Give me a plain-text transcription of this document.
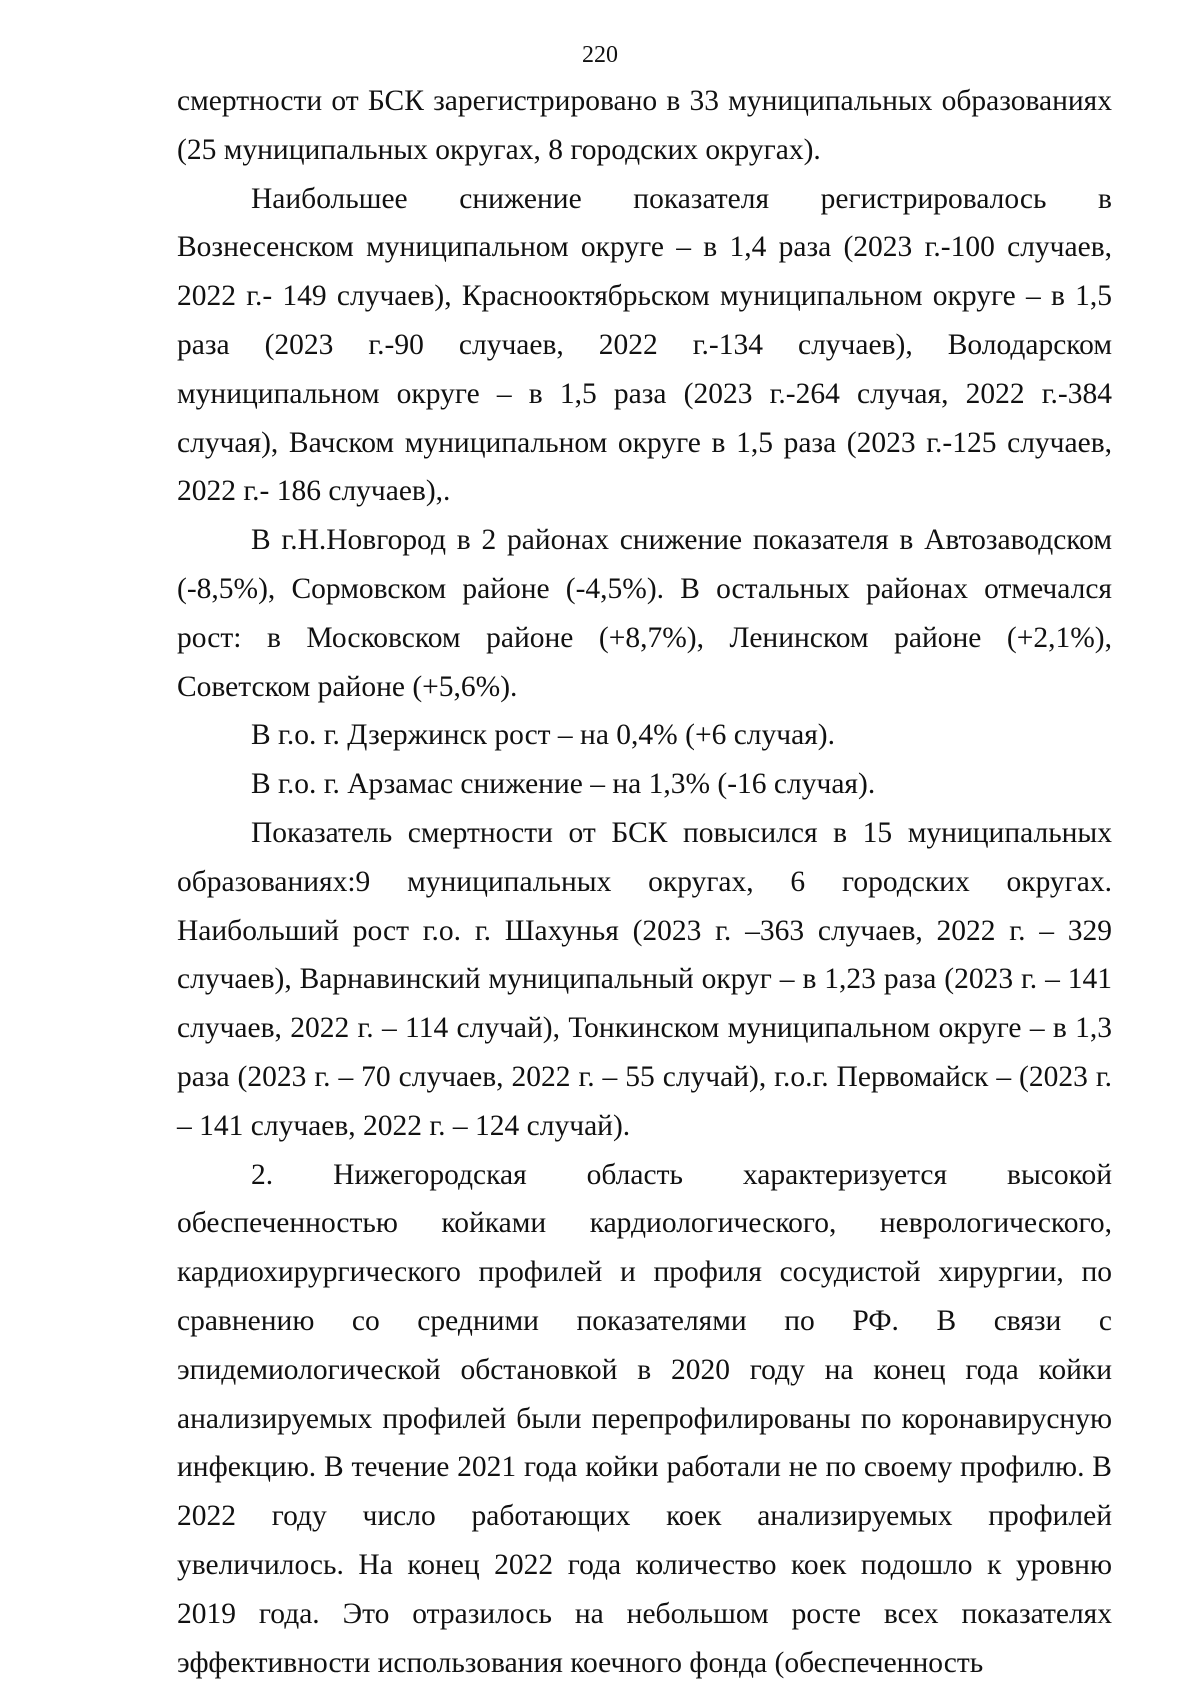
220

смертности от БСК зарегистрировано в 33 муниципальных образованиях (25 муниципальных округах, 8 городских округах).

Наибольшее снижение показателя регистрировалось в Вознесенском муниципальном округе – в 1,4 раза (2023 г.-100 случаев, 2022 г.- 149 случаев), Краснооктябрьском муниципальном округе – в 1,5 раза (2023 г.-90 случаев, 2022 г.-134 случаев), Володарском муниципальном округе – в 1,5 раза (2023 г.-264 случая, 2022 г.-384 случая), Вачском муниципальном округе в 1,5 раза (2023 г.-125 случаев, 2022 г.- 186 случаев),.

В г.Н.Новгород в 2 районах снижение показателя в Автозаводском (-8,5%), Сормовском районе (-4,5%). В остальных районах отмечался рост: в Московском районе (+8,7%), Ленинском районе (+2,1%), Советском районе (+5,6%).

В г.о. г. Дзержинск рост – на 0,4% (+6 случая).

В г.о. г. Арзамас снижение – на 1,3% (-16 случая).

Показатель смертности от БСК повысился в 15 муниципальных образованиях:9 муниципальных округах, 6 городских округах. Наибольший рост г.о. г. Шахунья (2023 г. –363 случаев, 2022 г. – 329 случаев), Варнавинский муниципальный округ – в 1,23 раза (2023 г. – 141 случаев, 2022 г. – 114 случай), Тонкинском муниципальном округе – в 1,3 раза (2023 г. – 70 случаев, 2022 г. – 55 случай), г.о.г. Первомайск – (2023 г. – 141 случаев, 2022 г. – 124 случай).

2. Нижегородская область характеризуется высокой обеспеченностью койками кардиологического, неврологического, кардиохирургического профилей и профиля сосудистой хирургии, по сравнению со средними показателями по РФ. В связи с эпидемиологической обстановкой в 2020 году на конец года койки анализируемых профилей были перепрофилированы по коронавирусную инфекцию. В течение 2021 года койки работали не по своему профилю. В 2022 году число работающих коек анализируемых профилей увеличилось. На конец 2022 года количество коек подошло к уровню 2019 года. Это отразилось на небольшом росте всех показателях эффективности использования коечного фонда (обеспеченность
